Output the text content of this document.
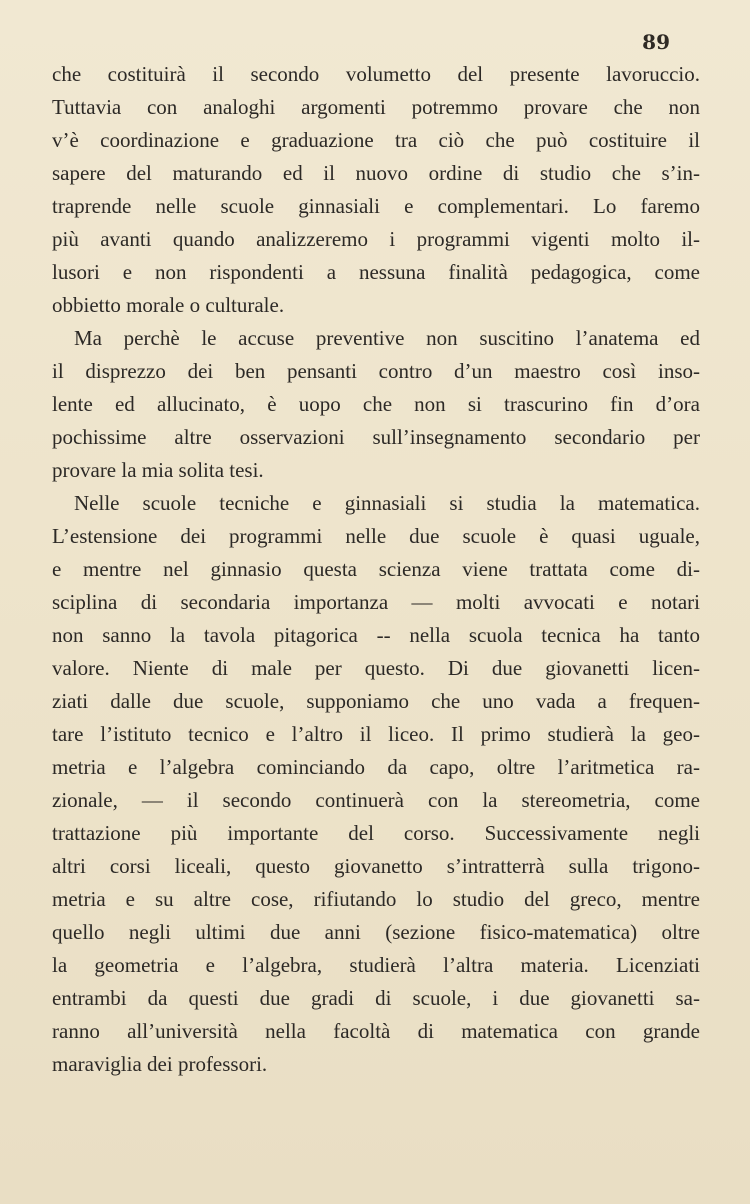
89
che costituirà il secondo volumetto del presente lavoruccio.
Tuttavia con analoghi argomenti potremmo provare che non
v’è coordinazione e graduazione tra ciò che può costituire il
sapere del maturando ed il nuovo ordine di studio che s’in-
traprende nelle scuole ginnasiali e complementari. Lo faremo
più avanti quando analizzeremo i programmi vigenti molto il-
lusori e non rispondenti a nessuna finalità pedagogica, come
obbietto morale o culturale.
Ma perchè le accuse preventive non suscitino l’anatema ed
il disprezzo dei ben pensanti contro d’un maestro così inso-
lente ed allucinato, è uopo che non si trascurino fin d’ora
pochissime altre osservazioni sull’insegnamento secondario per
provare la mia solita tesi.
Nelle scuole tecniche e ginnasiali si studia la matematica.
L’estensione dei programmi nelle due scuole è quasi uguale,
e mentre nel ginnasio questa scienza viene trattata come di-
sciplina di secondaria importanza — molti avvocati e notari
non sanno la tavola pitagorica -- nella scuola tecnica ha tanto
valore. Niente di male per questo. Di due giovanetti licen-
ziati dalle due scuole, supponiamo che uno vada a frequen-
tare l’istituto tecnico e l’altro il liceo. Il primo studierà la geo-
metria e l’algebra cominciando da capo, oltre l’aritmetica ra-
zionale, — il secondo continuerà con la stereometria, come
trattazione più importante del corso. Successivamente negli
altri corsi liceali, questo giovanetto s’intratterrà sulla trigono-
metria e su altre cose, rifiutando lo studio del greco, mentre
quello negli ultimi due anni (sezione fisico-matematica) oltre
la geometria e l’algebra, studierà l’altra materia. Licenziati
entrambi da questi due gradi di scuole, i due giovanetti sa-
ranno all’università nella facoltà di matematica con grande
maraviglia dei professori.
